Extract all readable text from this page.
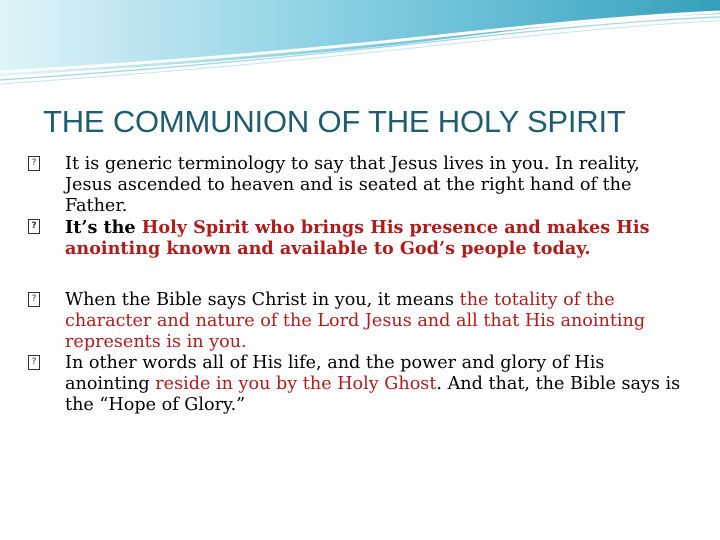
THE COMMUNION OF THE HOLY SPIRIT

? It is generic terminology to say that Jesus lives in you. In reality, Jesus ascended to heaven and is seated at the right hand of the Father.

? It’s the Holy Spirit who brings His presence and makes His anointing known and available to God’s people today.

? When the Bible says Christ in you, it means the totality of the character and nature of the Lord Jesus and all that His anointing represents is in you.

? In other words all of His life, and the power and glory of His anointing reside in you by the Holy Ghost. And that, the Bible says is the “Hope of Glory.”
